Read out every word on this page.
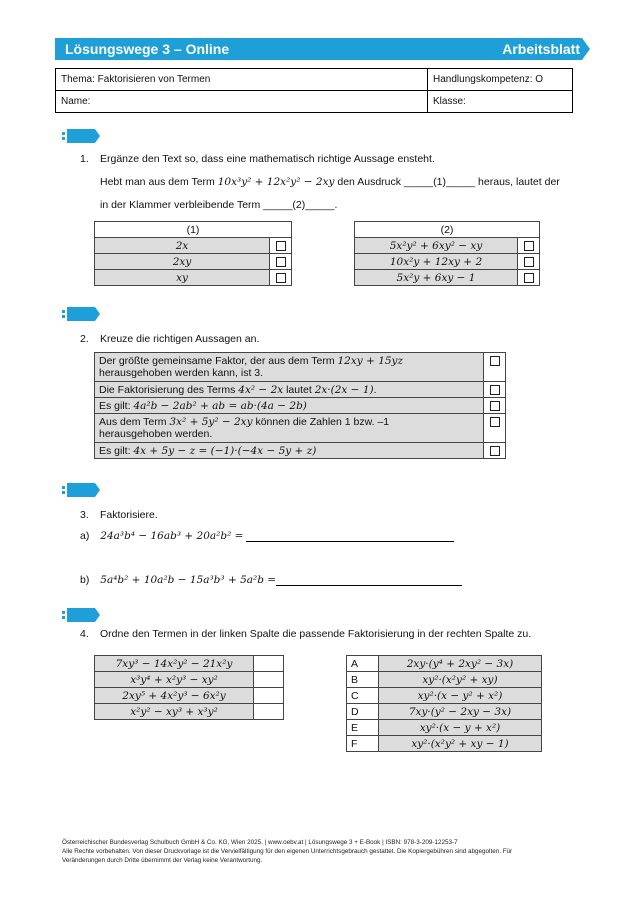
Lösungswege 3 – Online	Arbeitsblatt
Thema: Faktorisieren von Termen	Handlungskompetenz: O
Name:	Klasse:
1. Ergänze den Text so, dass eine mathematisch richtige Aussage ensteht.
Hebt man aus dem Term 10x³y² + 12x²y² − 2xy den Ausdruck _____(1)_____ heraus, lautet der
in der Klammer verbleibende Term _____(2)_____.
(1)	
2x	
2xy	
xy	
(2)	
5x²y² + 6xy² − xy	
10x²y + 12xy + 2	
5x²y + 6xy − 1	
2. Kreuze die richtigen Aussagen an.
Der größte gemeinsame Faktor, der aus dem Term 12xy + 15yz
herausgehoben werden kann, ist 3.	
Die Faktorisierung des Terms 4x² − 2x lautet 2x·(2x − 1).	
Es gilt: 4a²b − 2ab² + ab = ab·(4a − 2b)	
Aus dem Term 3x² + 5y² − 2xy können die Zahlen 1 bzw. –1
herausgehoben werden.	
Es gilt: 4x + 5y − z = (−1)·(−4x − 5y + z)	
3. Faktorisiere.
a) 24a³b⁴ − 16ab³ + 20a²b² =
b) 5a⁴b² + 10a²b − 15a³b³ + 5a²b =
4. Ordne den Termen in der linken Spalte die passende Faktorisierung in der rechten Spalte zu.
7xy³ − 14x²y² − 21x²y	
x³y⁴ + x²y³ − xy²	
2xy⁵ + 4x²y³ − 6x²y	
x²y² − xy³ + x³y²	
A	2xy·(y⁴ + 2xy² − 3x)
B	xy²·(x²y² + xy)
C	xy²·(x − y² + x²)
D	7xy·(y² − 2xy − 3x)
E	xy²·(x − y + x²)
F	xy²·(x²y² + xy − 1)
Österreichischer Bundesverlag Schulbuch GmbH & Co. KG, Wien 2025. | www.oebv.at | Lösungswege 3 + E-Book | ISBN: 978-3-209-12253-7
Alle Rechte vorbehalten. Von dieser Druckvorlage ist die Vervielfältigung für den eigenen Unterrichtsgebrauch gestattet. Die Kopiergebühren sind abgegolten. Für
Veränderungen durch Dritte übernimmt der Verlag keine Verantwortung.
